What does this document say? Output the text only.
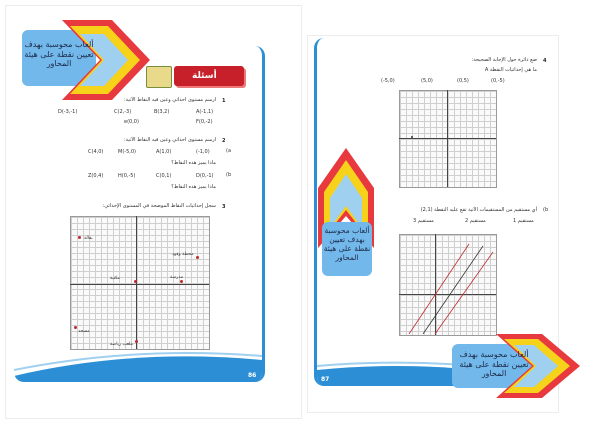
86
أسئلة
1
ارسم مستوى احداثي وعين فيه النقاط الآتية:
D(-3,-1)	C(2,-3)	B(3,2)	A(-1,1)
e(0,0)	F(0,-2)
2
ارسم مستوى احداثي وعين فيه النقاط الآتية:
(a
C(4,0)	M(-5,0)	A(1,0)	(-1,0)
ماذا يميز هذه النقاط؟
(b
Z(0,4)	H(0,-5)	C(0,1)	D(0,-1)
ماذا يميز هذه النقاط؟
3
سجل إحداثيات النقاط الموضحة في المستوى الإحداثي:
بقالة
محطة وقود
مدرسة
مكتبة
مسجد
ملعب رياضة
87
4
ضع دائرة حول الإجابة الصحيحة:
ما هي إحداثيات النقطة A
(-5,0)	(5,0)	(0,5)	(0,-5)
(b
أي مستقيم من المستقيمات الآتية تقع عليه النقطة (2,1)
مستقيم 1
مستقيم 2
مستقيم 3
ألعاب محوسبة بهدف تعيين نقطة على هيئة المحاور
ألعاب محوسبة بهدف تعيين نقطة على هيئة المحاور
ألعاب محوسبة بهدف تعيين نقطة على هيئة المحاور
